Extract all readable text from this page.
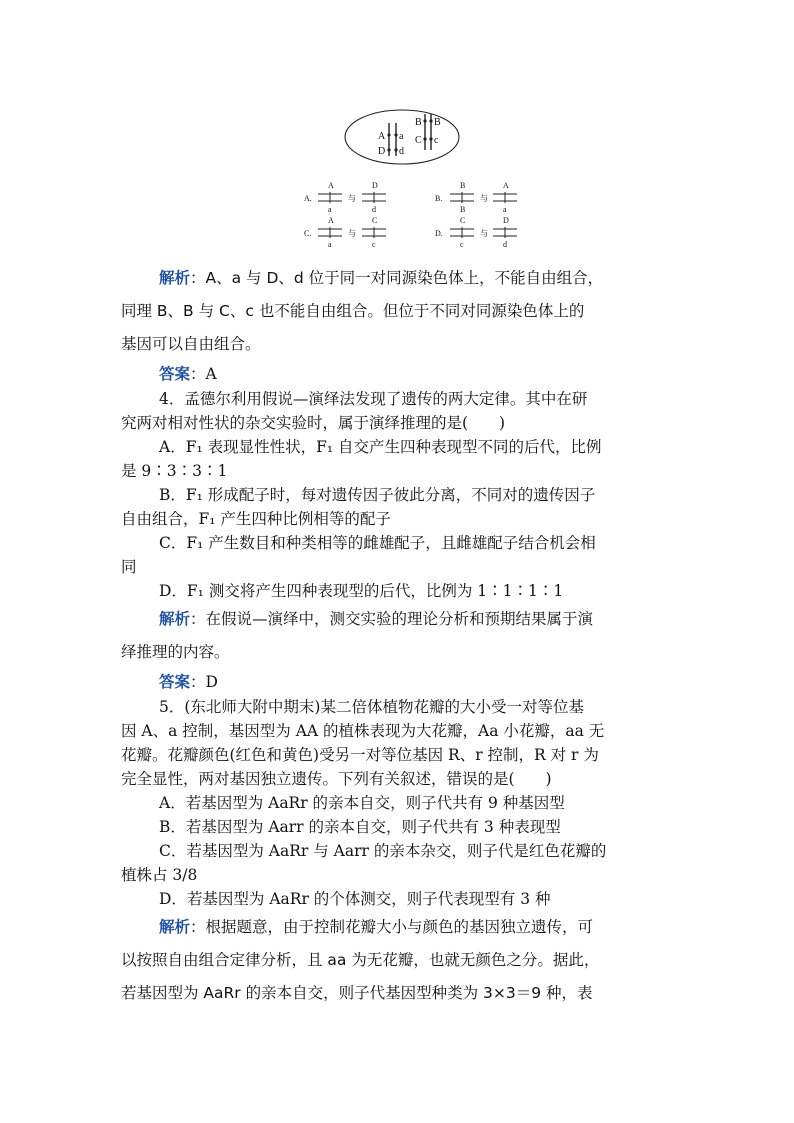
A a
D d
B B
C c
A.
A
a
与
D
d
B.
B
B
与
A
a
C.
A
a
与
C
c
D.
C
c
与
D
d
解析：A、a 与 D、d 位于同一对同源染色体上，不能自由组合，
同理 B、B 与 C、c 也不能自由组合。但位于不同对同源染色体上的
基因可以自由组合。

答案：A

4．孟德尔利用假说—演绎法发现了遗传的两大定律。其中在研

究两对相对性状的杂交实验时，属于演绎推理的是(　　)

A．F₁ 表现显性性状，F₁ 自交产生四种表现型不同的后代，比例

是 9∶3∶3∶1

B．F₁ 形成配子时，每对遗传因子彼此分离，不同对的遗传因子

自由组合，F₁ 产生四种比例相等的配子

C．F₁ 产生数目和种类相等的雌雄配子，且雌雄配子结合机会相

同

D．F₁ 测交将产生四种表现型的后代，比例为 1∶1∶1∶1

解析：在假说—演绎中，测交实验的理论分析和预期结果属于演
绎推理的内容。

答案：D

5．(东北师大附中期末)某二倍体植物花瓣的大小受一对等位基

因 A、a 控制，基因型为 AA 的植株表现为大花瓣，Aa 小花瓣，aa 无

花瓣。花瓣颜色(红色和黄色)受另一对等位基因 R、r 控制，R 对 r 为

完全显性，两对基因独立遗传。下列有关叙述，错误的是(　　)

A．若基因型为 AaRr 的亲本自交，则子代共有 9 种基因型

B．若基因型为 Aarr 的亲本自交，则子代共有 3 种表现型

C．若基因型为 AaRr 与 Aarr 的亲本杂交，则子代是红色花瓣的

植株占 3/8

D．若基因型为 AaRr 的个体测交，则子代表现型有 3 种

解析：根据题意，由于控制花瓣大小与颜色的基因独立遗传，可
以按照自由组合定律分析，且 aa 为无花瓣，也就无颜色之分。据此，
若基因型为 AaRr 的亲本自交，则子代基因型种类为 3×3＝9 种，表
